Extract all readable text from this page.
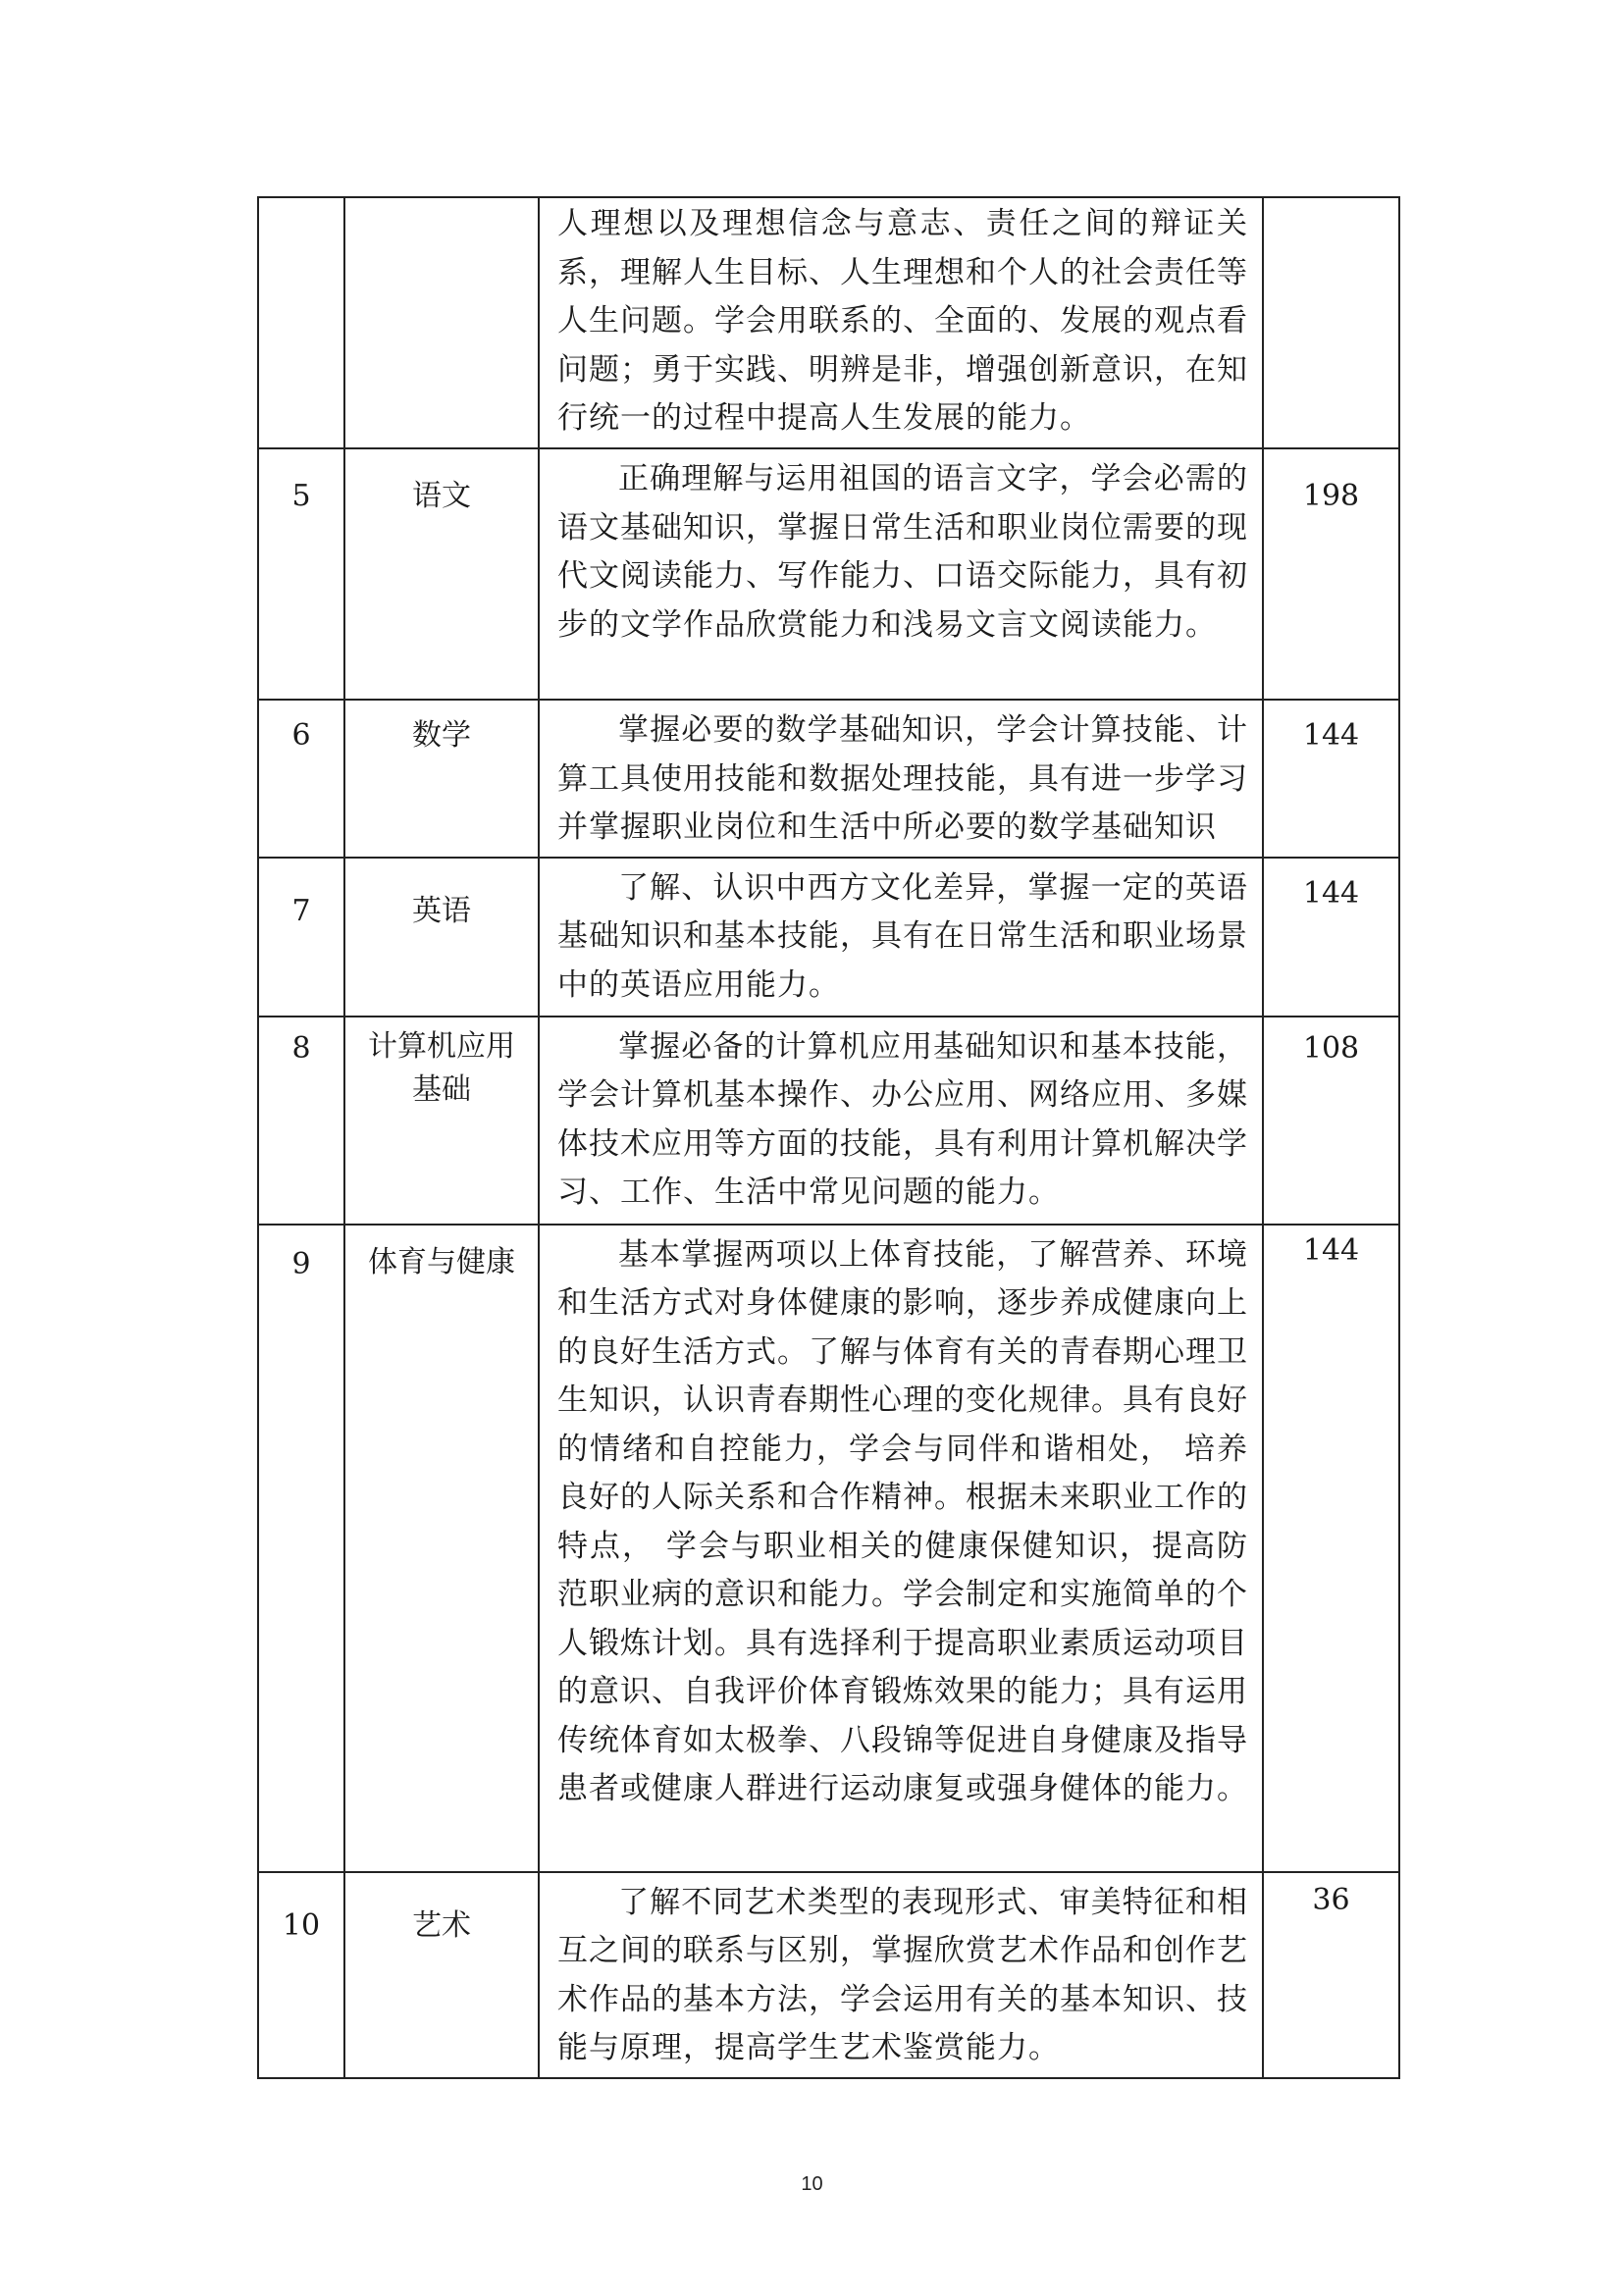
	人理想以及理想信念与意志、责任之间的辩证关系，理解人生目标、人生理想和个人的社会责任等人生问题。学会用联系的、全面的、发展的观点看问题；勇于实践、明辨是非，增强创新意识，在知行统一的过程中提高人生发展的能力。	

5	语文	正确理解与运用祖国的语言文字，学会必需的语文基础知识，掌握日常生活和职业岗位需要的现代文阅读能力、写作能力、口语交际能力，具有初步的文学作品欣赏能力和浅易文言文阅读能力。	198

6	数学	掌握必要的数学基础知识，学会计算技能、计算工具使用技能和数据处理技能，具有进一步学习并掌握职业岗位和生活中所必要的数学基础知识	144

7	英语	了解、认识中西方文化差异，掌握一定的英语基础知识和基本技能，具有在日常生活和职业场景中的英语应用能力。	144

8	计算机应用基础	掌握必备的计算机应用基础知识和基本技能，学会计算机基本操作、办公应用、网络应用、多媒体技术应用等方面的技能，具有利用计算机解决学习、工作、生活中常见问题的能力。	108

9	体育与健康	基本掌握两项以上体育技能，了解营养、环境和生活方式对身体健康的影响，逐步养成健康向上的良好生活方式。了解与体育有关的青春期心理卫生知识，认识青春期性心理的变化规律。具有良好的情绪和自控能力，学会与同伴和谐相处， 培养良好的人际关系和合作精神。根据未来职业工作的特点， 学会与职业相关的健康保健知识，提高防范职业病的意识和能力。学会制定和实施简单的个人锻炼计划。具有选择利于提高职业素质运动项目的意识、自我评价体育锻炼效果的能力；具有运用传统体育如太极拳、八段锦等促进自身健康及指导患者或健康人群进行运动康复或强身健体的能力。	144

10	艺术	了解不同艺术类型的表现形式、审美特征和相互之间的联系与区别，掌握欣赏艺术作品和创作艺术作品的基本方法，学会运用有关的基本知识、技能与原理，提高学生艺术鉴赏能力。	36
10
